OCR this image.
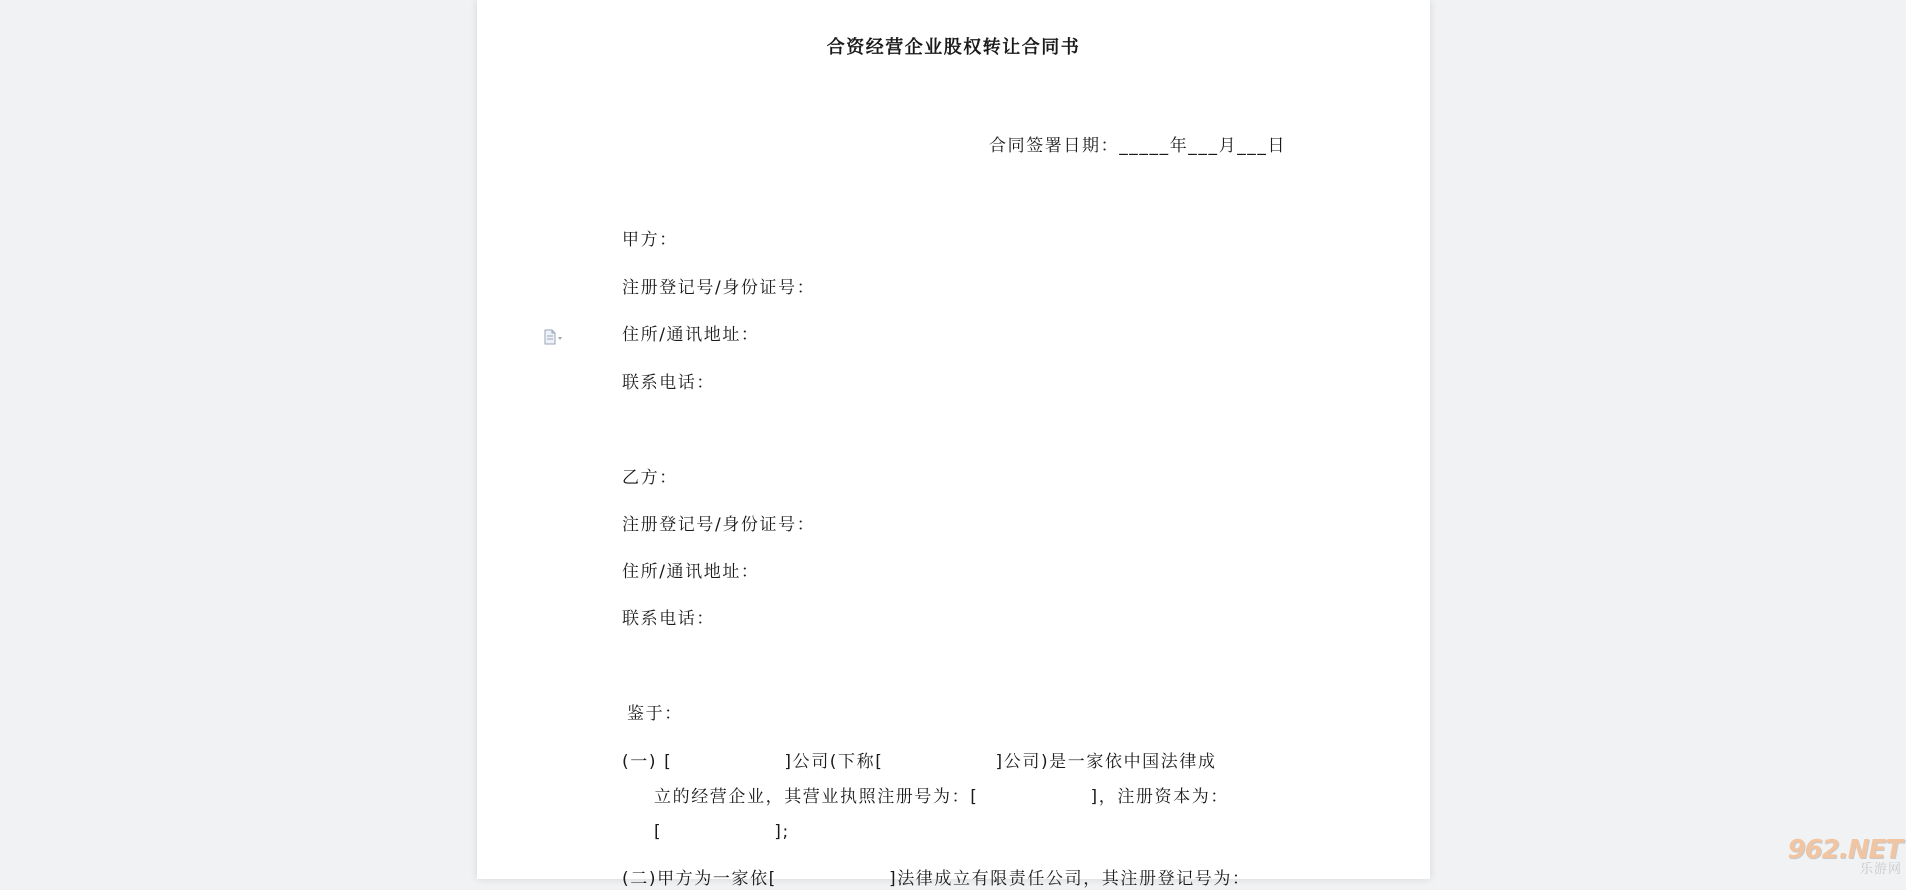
合资经营企业股权转让合同书
合同签署日期：_____年___月___日
甲方：
注册登记号/身份证号：
住所/通讯地址：
联系电话：
乙方：
注册登记号/身份证号：
住所/通讯地址：
联系电话：
鉴于：
(一) [                ]公司(下称[                ]公司)是一家依中国法律成
立的经营企业，其营业执照注册号为：[                ]，注册资本为：
[                ];
(二)甲方为一家依[                ]法律成立有限责任公司，其注册登记号为：
962.NET
乐游网
